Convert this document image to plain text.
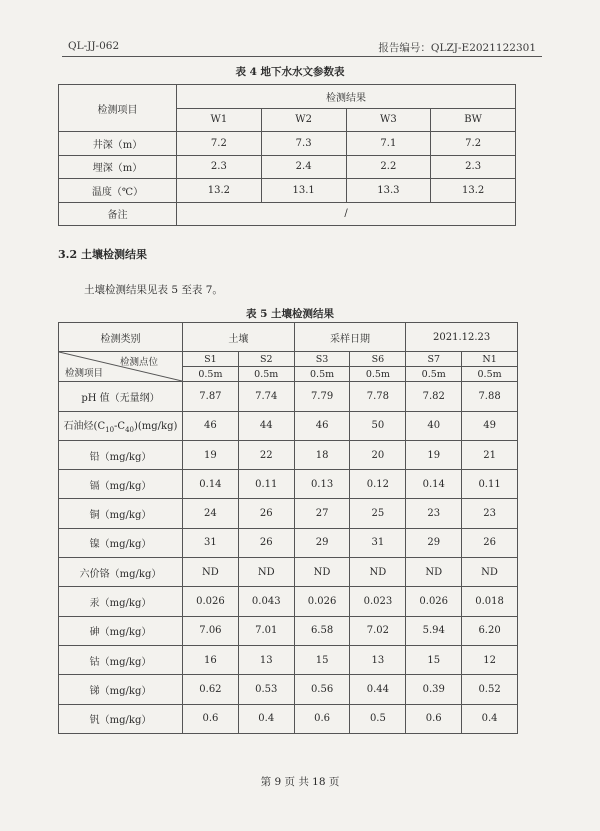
QL-JJ-062	报告编号：QLZJ-E2021122301
表 4 地下水水文参数表
检测项目	检测结果			
	W1	W2	W3	BW
井深（m）	7.2	7.3	7.1	7.2
埋深（m）	2.3	2.4	2.2	2.3
温度（℃）	13.2	13.1	13.3	13.2
备注	/			
3.2 土壤检测结果
土壤检测结果见表 5 至表 7。
表 5 土壤检测结果
检测类别	土壤		采样日期		2021.12.23	

检测点位
检测项目	S1	S2	S3	S6	S7	N1
	0.5m	0.5m	0.5m	0.5m	0.5m	0.5m
pH 值（无量纲）	7.87	7.74	7.79	7.78	7.82	7.88
石油烃$(C_{10}-C_{40})(mg/kg)$	46	44	46	50	40	49
铅（mg/kg）	19	22	18	20	19	21
镉（mg/kg）	0.14	0.11	0.13	0.12	0.14	0.11
铜（mg/kg）	24	26	27	25	23	23
镍（mg/kg）	31	26	29	31	29	26
六价铬（mg/kg）	ND	ND	ND	ND	ND	ND
汞（mg/kg）	0.026	0.043	0.026	0.023	0.026	0.018
砷（mg/kg）	7.06	7.01	6.58	7.02	5.94	6.20
钴（mg/kg）	16	13	15	13	15	12
锑（mg/kg）	0.62	0.53	0.56	0.44	0.39	0.52
钒（mg/kg）	0.6	0.4	0.6	0.5	0.6	0.4
第 9 页 共 18 页
